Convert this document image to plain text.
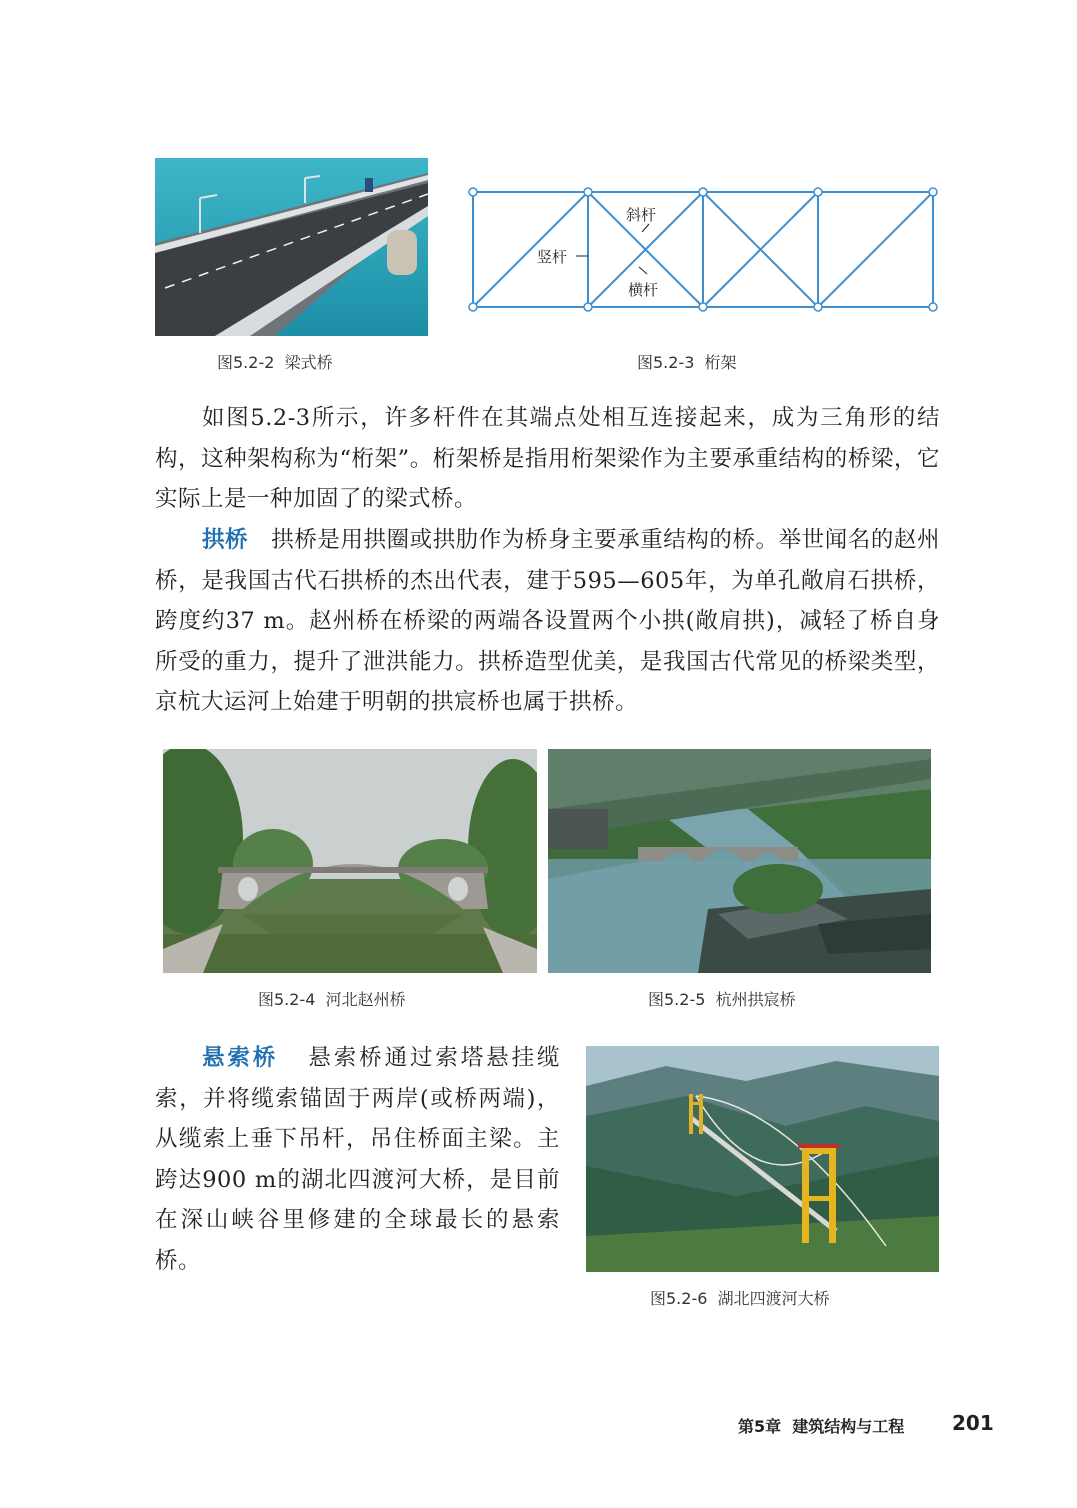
图5.2-2 梁式桥
斜杆
竖杆
横杆
图5.2-3 桁架

如图5.2-3所示，许多杆件在其端点处相互连接起来，成为三角形的结构，这种架构称为“桁架”。桁架桥是指用桁架梁作为主要承重结构的桥梁，它实际上是一种加固了的梁式桥。

拱桥 拱桥是用拱圈或拱肋作为桥身主要承重结构的桥。举世闻名的赵州桥，是我国古代石拱桥的杰出代表，建于595—605年，为单孔敞肩石拱桥，跨度约37 m。赵州桥在桥梁的两端各设置两个小拱(敞肩拱)，减轻了桥自身所受的重力，提升了泄洪能力。拱桥造型优美，是我国古代常见的桥梁类型，京杭大运河上始建于明朝的拱宸桥也属于拱桥。

图5.2-4 河北赵州桥	图5.2-5 杭州拱宸桥

悬索桥 悬索桥通过索塔悬挂缆索，并将缆索锚固于两岸(或桥两端)，从缆索上垂下吊杆，吊住桥面主梁。主跨达900 m的湖北四渡河大桥，是目前在深山峡谷里修建的全球最长的悬索桥。

图5.2-6 湖北四渡河大桥
第5章 建筑结构与工程 201
